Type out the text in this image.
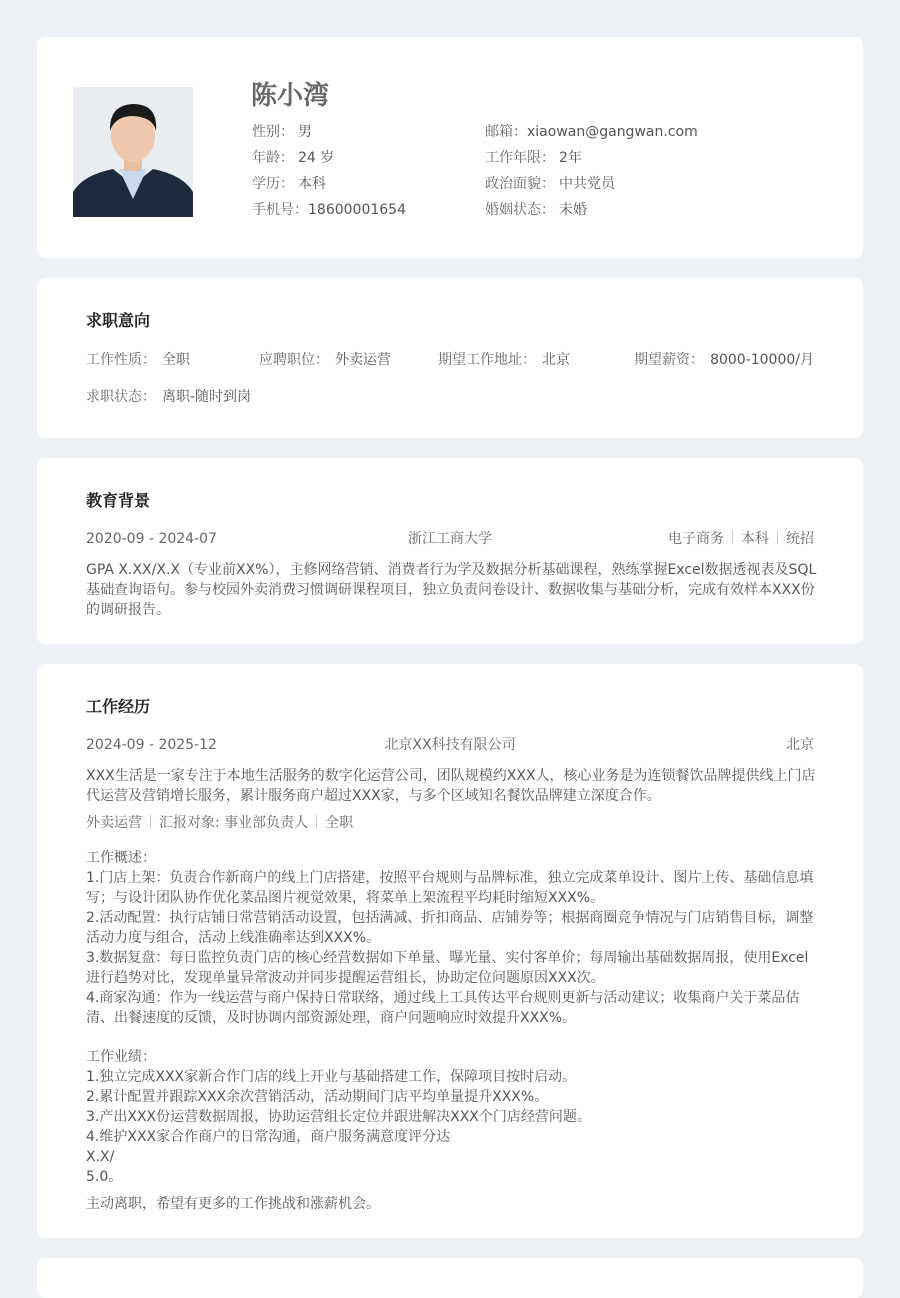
陈小湾
性别： 男
年龄： 24 岁
学历： 本科
手机号：18600001654
邮箱：xiaowan@gangwan.com
工作年限： 2年
政治面貌： 中共党员
婚姻状态： 未婚
求职意向
工作性质： 全职	应聘职位： 外卖运营	期望工作地址： 北京	期望薪资： 8000-10000/月
求职状态： 离职-随时到岗
教育背景
2020-09 - 2024-07	浙江工商大学	电子商务 本科 统招
GPA X.XX/X.X（专业前XX%），主修网络营销、消费者行为学及数据分析基础课程，熟练掌握Excel数据透视表及SQL
基础查询语句。参与校园外卖消费习惯调研课程项目，独立负责问卷设计、数据收集与基础分析，完成有效样本XXX份
的调研报告。
工作经历
2024-09 - 2025-12	北京XX科技有限公司	北京
XXX生活是一家专注于本地生活服务的数字化运营公司，团队规模约XXX人，核心业务是为连锁餐饮品牌提供线上门店
代运营及营销增长服务，累计服务商户超过XXX家，与多个区域知名餐饮品牌建立深度合作。
外卖运营 汇报对象: 事业部负责人 全职
工作概述：
1.门店上架：负责合作新商户的线上门店搭建，按照平台规则与品牌标准，独立完成菜单设计、图片上传、基础信息填
写；与设计团队协作优化菜品图片视觉效果，将菜单上架流程平均耗时缩短XXX%。
2.活动配置：执行店铺日常营销活动设置，包括满减、折扣商品、店铺券等；根据商圈竞争情况与门店销售目标，调整
活动力度与组合，活动上线准确率达到XXX%。
3.数据复盘：每日监控负责门店的核心经营数据如下单量、曝光量、实付客单价；每周输出基础数据周报，使用Excel
进行趋势对比，发现单量异常波动并同步提醒运营组长，协助定位问题原因XXX次。
4.商家沟通：作为一线运营与商户保持日常联络，通过线上工具传达平台规则更新与活动建议；收集商户关于菜品估
清、出餐速度的反馈，及时协调内部资源处理，商户问题响应时效提升XXX%。
工作业绩：
1.独立完成XXX家新合作门店的线上开业与基础搭建工作，保障项目按时启动。
2.累计配置并跟踪XXX余次营销活动，活动期间门店平均单量提升XXX%。
3.产出XXX份运营数据周报，协助运营组长定位并跟进解决XXX个门店经营问题。
4.维护XXX家合作商户的日常沟通，商户服务满意度评分达
X.X/
5.0。
主动离职，希望有更多的工作挑战和涨薪机会。
